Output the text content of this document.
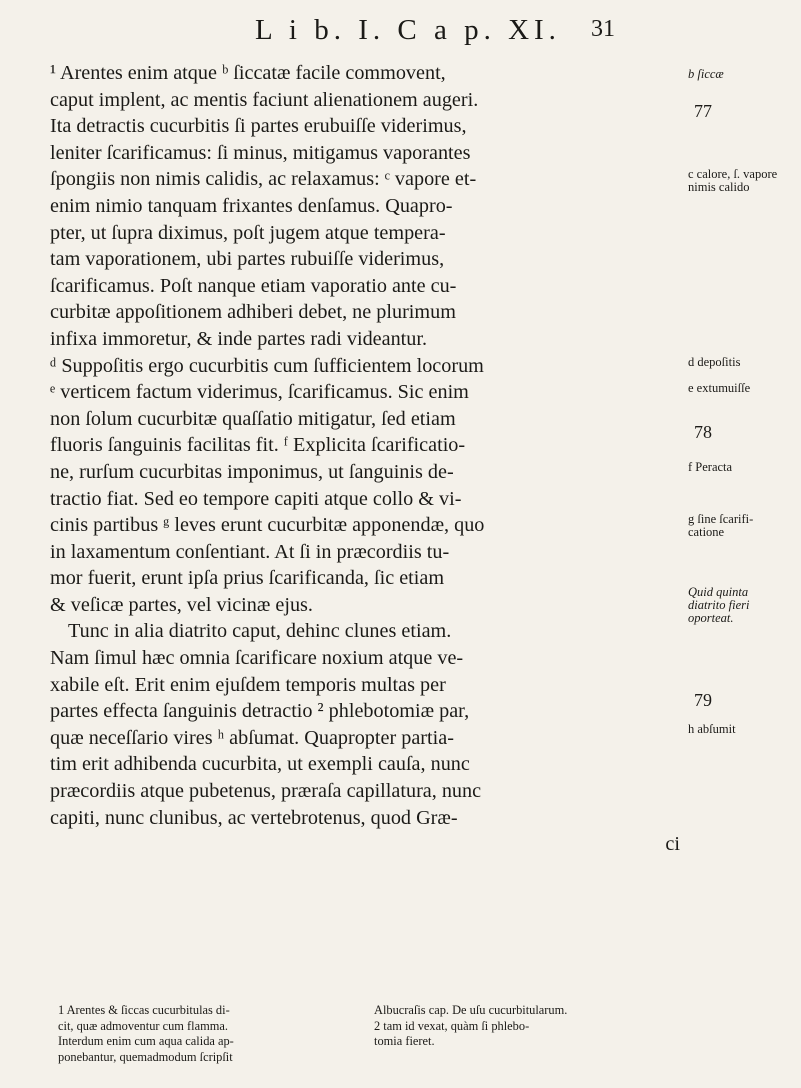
L i b. I. C a p. XI. 31
¹ Arentes enim atque ᵇ ſiccatæ facile commovent,
caput implent, ac mentis faciunt alienationem augeri.
Ita detractis cucurbitis ſi partes erubuiſſe viderimus,
leniter ſcarificamus: ſi minus, mitigamus vaporantes
ſpongiis non nimis calidis, ac relaxamus: ᶜ vapore et-
enim nimio tanquam frixantes denſamus. Quapro-
pter, ut ſupra diximus, poſt jugem atque tempera-
tam vaporationem, ubi partes rubuiſſe viderimus,
ſcarificamus. Poſt nanque etiam vaporatio ante cu-
curbitæ appoſitionem adhiberi debet, ne plurimum
infixa immoretur, & inde partes radi videantur.
ᵈ Suppoſitis ergo cucurbitis cum ſufficientem locorum
ᵉ verticem factum viderimus, ſcarificamus. Sic enim
non ſolum cucurbitæ quaſſatio mitigatur, ſed etiam
fluoris ſanguinis facilitas fit. ᶠ Explicita ſcarificatio-
ne, rurſum cucurbitas imponimus, ut ſanguinis de-
tractio fiat. Sed eo tempore capiti atque collo & vi-
cinis partibus ᵍ leves erunt cucurbitæ apponendæ, quo
in laxamentum conſentiant. At ſi in præcordiis tu-
mor fuerit, erunt ipſa prius ſcarificanda, ſic etiam
& veſicæ partes, vel vicinæ ejus.
Tunc in alia diatrito caput, dehinc clunes etiam.
Nam ſimul hæc omnia ſcarificare noxium atque ve-
xabile eſt. Erit enim ejuſdem temporis multas per
partes effecta ſanguinis detractio ² phlebotomiæ par,
quæ neceſſario vires ʰ abſumat. Quapropter partia-
tim erit adhibenda cucurbita, ut exempli cauſa, nunc
præcordiis atque pubetenus, præraſa capillatura, nunc
capiti, nunc clunibus, ac vertebrotenus, quod Græ-
ci
b ſiccæ
77
c calore, ſ. vapore nimis calido
d depoſitis
e extumuiſſe
78
f Peracta
g ſine ſcarifi- catione
Quid quinta diatrito fieri oporteat.
79
h abſumit
1 Arentes & ſiccas cucurbitulas di-
cit, quæ admoventur cum flamma.
Interdum enim cum aqua calida ap-
ponebantur, quemadmodum ſcripſit
Albucraſis cap. De uſu cucurbitularum.
2 tam id vexat, quàm ſi phlebo-
tomia fieret.
